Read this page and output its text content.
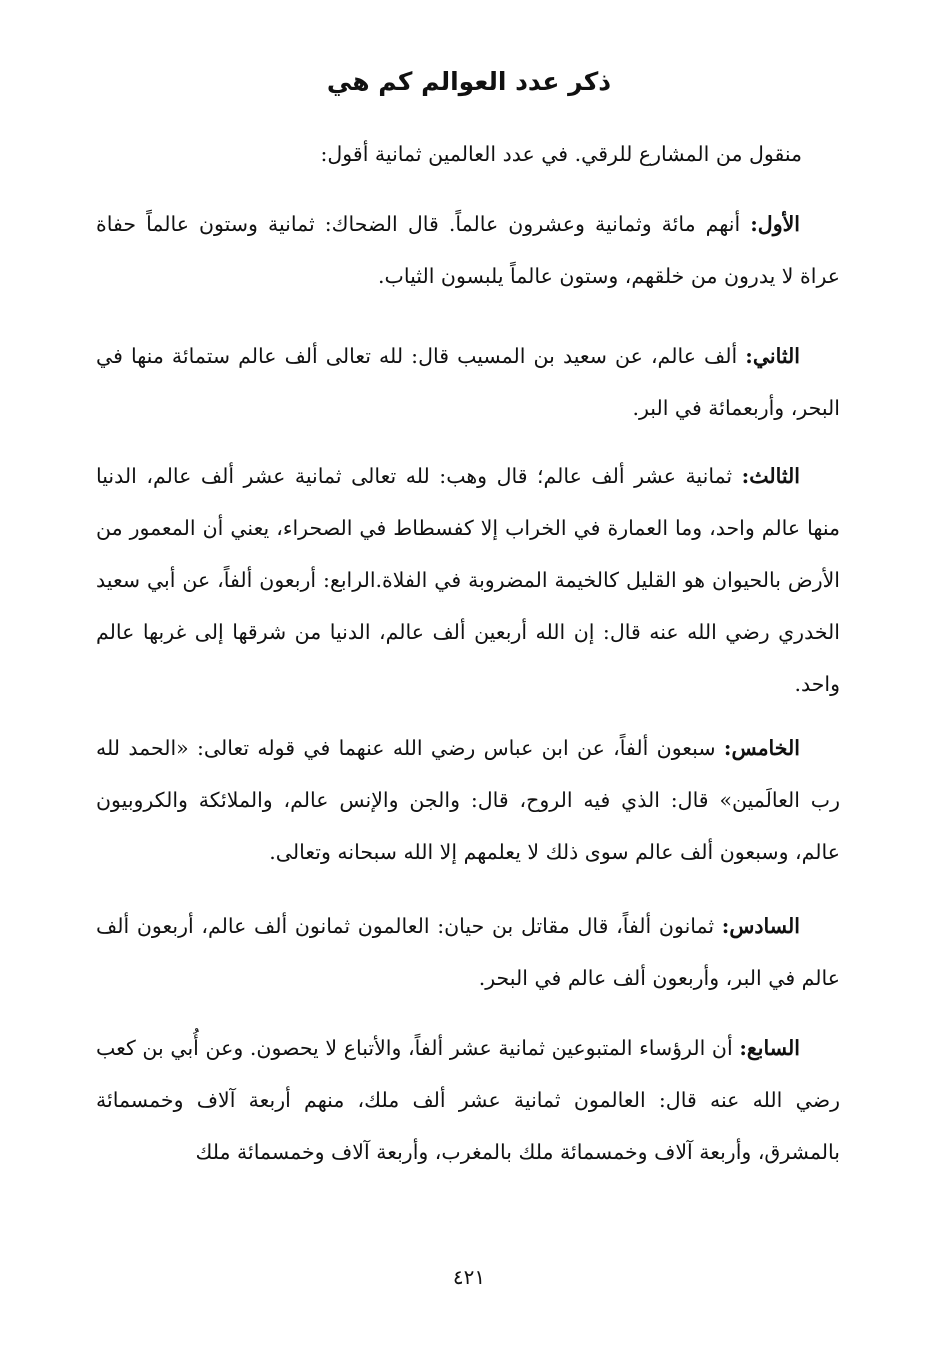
ذكر عدد العوالم كم هي
منقول من المشارع للرقي. في عدد العالمين ثمانية أقول:
الأول: أنهم مائة وثمانية وعشرون عالماً. قال الضحاك: ثمانية وستون عالماً حفاة عراة لا يدرون من خلقهم، وستون عالماً يلبسون الثياب.
الثاني: ألف عالم، عن سعيد بن المسيب قال: لله تعالى ألف عالم ستمائة منها في البحر، وأربعمائة في البر.
الثالث: ثمانية عشر ألف عالم؛ قال وهب: لله تعالى ثمانية عشر ألف عالم، الدنيا منها عالم واحد، وما العمارة في الخراب إلا كفسطاط في الصحراء، يعني أن المعمور من الأرض بالحيوان هو القليل كالخيمة المضروبة في الفلاة.الرابع: أربعون ألفاً، عن أبي سعيد الخدري رضي الله عنه قال: إن الله أربعين ألف عالم، الدنيا من شرقها إلى غربها عالم واحد.
الخامس: سبعون ألفاً، عن ابن عباس رضي الله عنهما في قوله تعالى: «الحمد لله رب العالَمين» قال: الذي فيه الروح، قال: والجن والإنس عالم، والملائكة والكروبيون عالم، وسبعون ألف عالم سوى ذلك لا يعلمهم إلا الله سبحانه وتعالى.
السادس: ثمانون ألفاً، قال مقاتل بن حيان: العالمون ثمانون ألف عالم، أربعون ألف عالم في البر، وأربعون ألف عالم في البحر.
السابع: أن الرؤساء المتبوعين ثمانية عشر ألفاً، والأتباع لا يحصون. وعن أُبي بن كعب رضي الله عنه قال: العالمون ثمانية عشر ألف ملك، منهم أربعة آلاف وخمسمائة بالمشرق، وأربعة آلاف وخمسمائة ملك بالمغرب، وأربعة آلاف وخمسمائة ملك
٤٢١
